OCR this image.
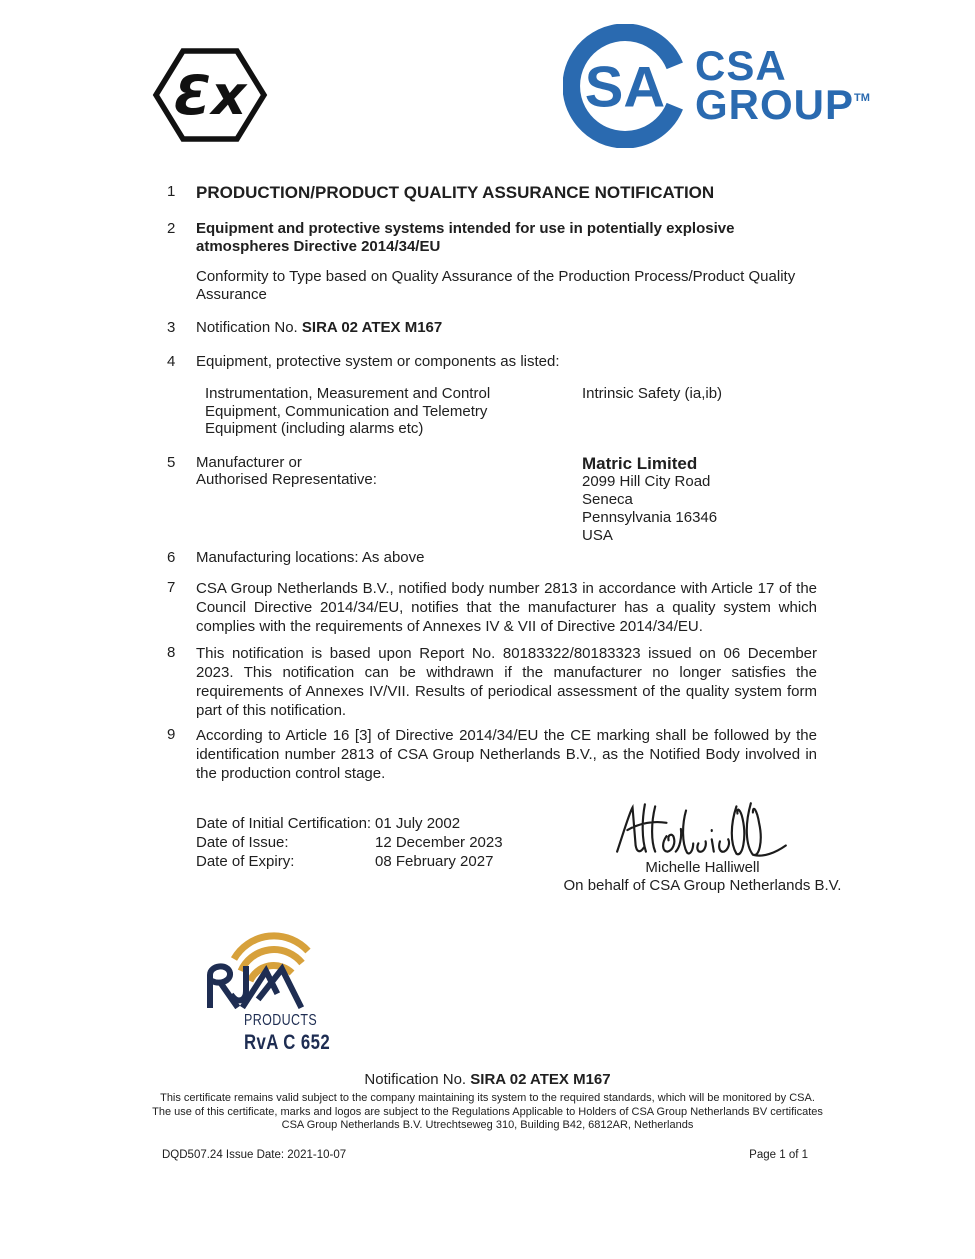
Ɛx	SA CSA
GROUP™
1	PRODUCTION/PRODUCT QUALITY ASSURANCE NOTIFICATION
2	Equipment and protective systems intended for use in potentially explosive atmospheres Directive 2014/34/EU
Conformity to Type based on Quality Assurance of the Production Process/Product Quality Assurance
3	Notification No. SIRA 02 ATEX M167
4	Equipment, protective system or components as listed:
Instrumentation, Measurement and Control Equipment, Communication and Telemetry Equipment (including alarms etc)
Intrinsic Safety (ia,ib)
5	Manufacturer or
Authorised Representative:
Matric Limited
2099 Hill City Road
Seneca
Pennsylvania 16346
USA
6	Manufacturing locations: As above
7	CSA Group Netherlands B.V., notified body number 2813 in accordance with Article 17 of the Council Directive 2014/34/EU, notifies that the manufacturer has a quality system which complies with the requirements of Annexes IV & VII of Directive 2014/34/EU.
8	This notification is based upon Report No. 80183322/80183323 issued on 06 December 2023. This notification can be withdrawn if the manufacturer no longer satisfies the requirements of Annexes IV/VII. Results of periodical assessment of the quality system form part of this notification.
9	According to Article 16 [3] of Directive 2014/34/EU the CE marking shall be followed by the identification number 2813 of CSA Group Netherlands B.V., as the Notified Body involved in the production control stage.
Date of Initial Certification: 01 July 2002
Date of Issue:	12 December 2023
Date of Expiry:	08 February 2027	Michelle Halliwell
On behalf of CSA Group Netherlands B.V.
PRODUCTS
RvA C 652
Notification No. SIRA 02 ATEX M167
This certificate remains valid subject to the company maintaining its system to the required standards, which will be monitored by CSA.
The use of this certificate, marks and logos are subject to the Regulations Applicable to Holders of CSA Group Netherlands BV certificates
CSA Group Netherlands B.V. Utrechtseweg 310, Building B42, 6812AR, Netherlands
DQD507.24 Issue Date: 2021-10-07	Page 1 of 1
